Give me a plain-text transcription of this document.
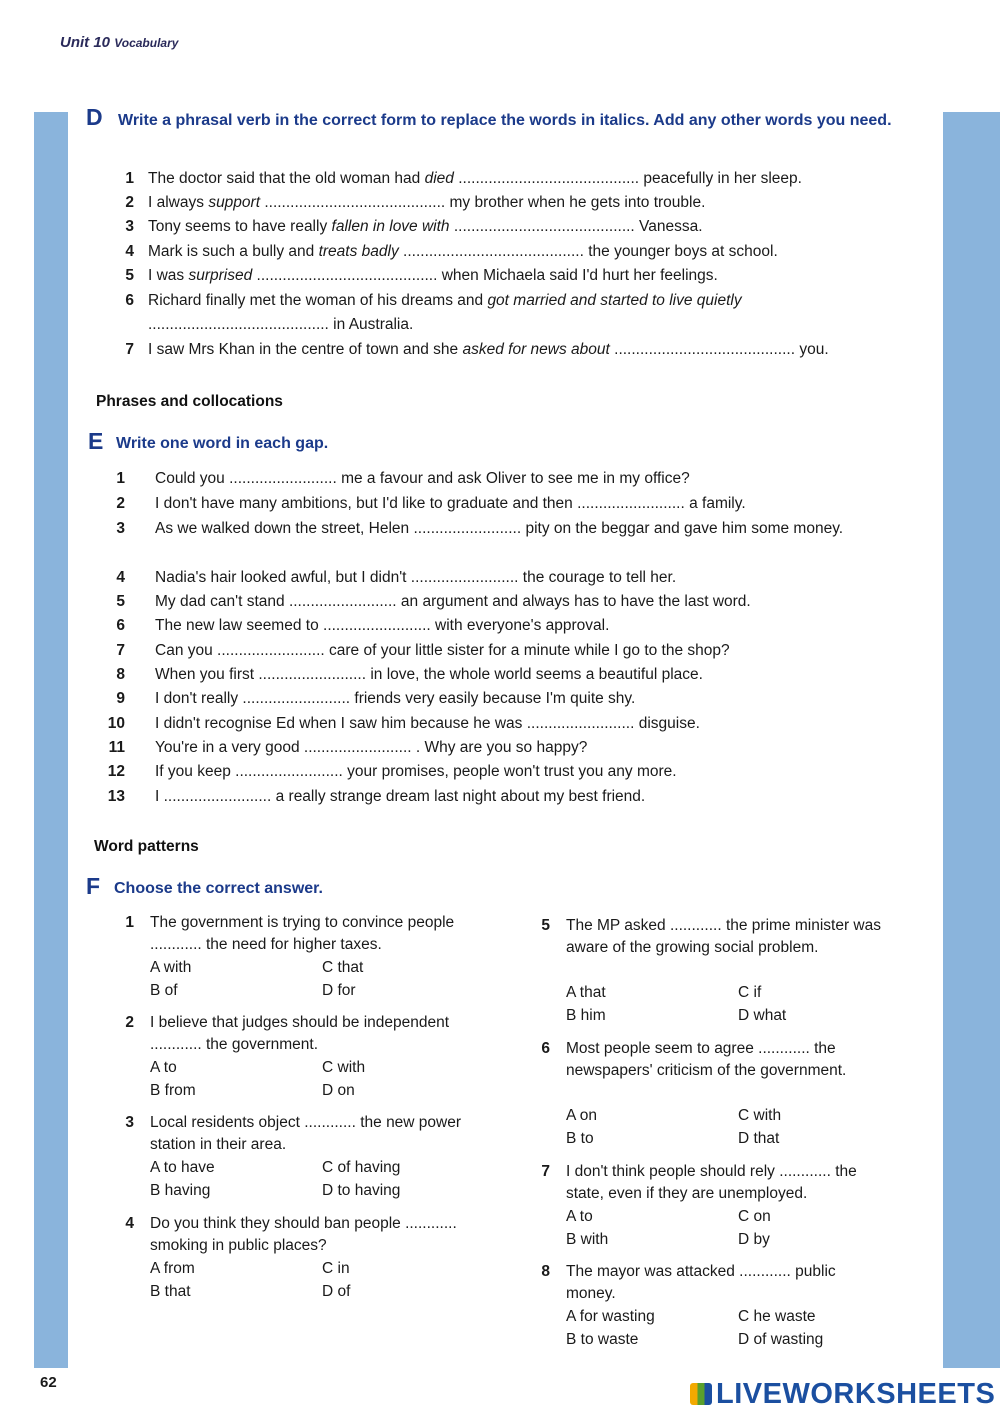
Unit 10 Vocabulary
D Write a phrasal verb in the correct form to replace the words in italics. Add any other words you need.
1 The doctor said that the old woman had died .......................................... peacefully in her sleep.
2 I always support .......................................... my brother when he gets into trouble.
3 Tony seems to have really fallen in love with .......................................... Vanessa.
4 Mark is such a bully and treats badly .......................................... the younger boys at school.
5 I was surprised .......................................... when Michaela said I'd hurt her feelings.
6 Richard finally met the woman of his dreams and got married and started to live quietly
.......................................... in Australia.
7 I saw Mrs Khan in the centre of town and she asked for news about .......................................... you.
Phrases and collocations
E Write one word in each gap.
1 Could you ......................... me a favour and ask Oliver to see me in my office?
2 I don't have many ambitions, but I'd like to graduate and then ......................... a family.
3 As we walked down the street, Helen ......................... pity on the beggar and gave him some money.
4 Nadia's hair looked awful, but I didn't ......................... the courage to tell her.
5 My dad can't stand ......................... an argument and always has to have the last word.
6 The new law seemed to ......................... with everyone's approval.
7 Can you ......................... care of your little sister for a minute while I go to the shop?
8 When you first ......................... in love, the whole world seems a beautiful place.
9 I don't really ......................... friends very easily because I'm quite shy.
10 I didn't recognise Ed when I saw him because he was ......................... disguise.
11 You're in a very good ......................... . Why are you so happy?
12 If you keep ......................... your promises, people won't trust you any more.
13 I ......................... a really strange dream last night about my best friend.
Word patterns
F Choose the correct answer.
1 The government is trying to convince people ............ the need for higher taxes.
A with	C that
B of	D for
2 I believe that judges should be independent ............ the government.
A to	C with
B from	D on
3 Local residents object ............ the new power station in their area.
A to have	C of having
B having	D to having
4 Do you think they should ban people ............ smoking in public places?
A from	C in
B that	D of
5 The MP asked ............ the prime minister was aware of the growing social problem.
A that	C if
B him	D what
6 Most people seem to agree ............ the newspapers' criticism of the government.
A on	C with
B to	D that
7 I don't think people should rely ............ the state, even if they are unemployed.
A to	C on
B with	D by
8 The mayor was attacked ............ public money.
A for wasting	C he waste
B to waste	D of wasting
62	LIVEWORKSHEETS
